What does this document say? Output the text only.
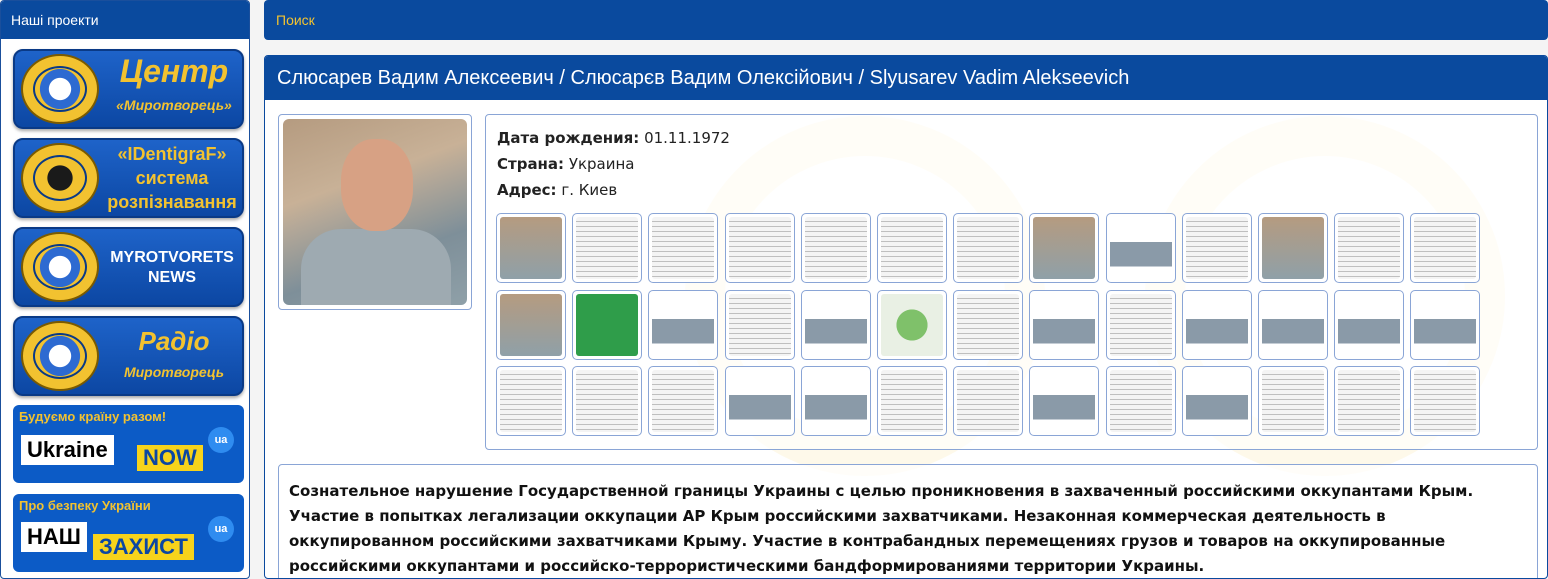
Наші проекти
Центр
«Миротворець»
«IDentigraF»
система
розпізнавання
MYROTVORETS
NEWS
Радіо
Миротворець
Будуємо країну разом!
Ukraine NOW
ua
Про безпеку України
НАШ ЗАХИСТ
ua
Поиск
Слюсарев Вадим Алексеевич / Слюсарєв Вадим Олексійович / Slyusarev Vadim Alekseevich
Дата рождения: 01.11.1972
Страна: Украина
Адрес: г. Киев
Сознательное нарушение Государственной границы Украины с целью проникновения в захваченный российскими оккупантами Крым. Участие в попытках легализации оккупации АР Крым российскими захватчиками. Незаконная коммерческая деятельность в оккупированном российскими захватчиками Крыму. Участие в контрабандных перемещениях грузов и товаров на оккупированные российскими оккупантами и российско-террористическими бандформированиями территории Украины.
